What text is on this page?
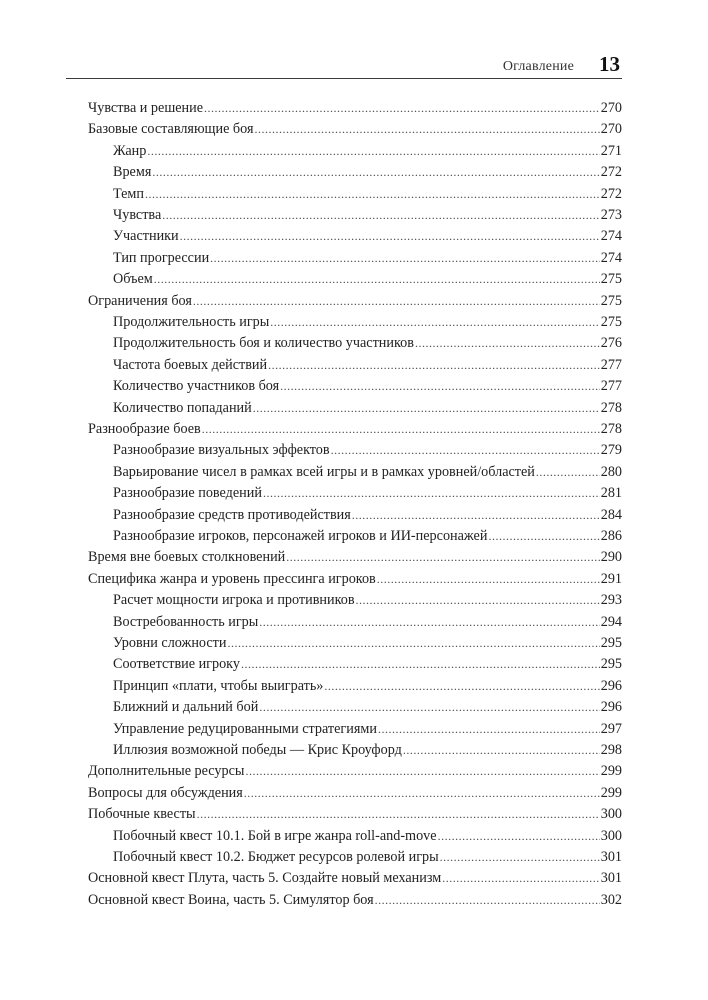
Оглавление 13
Чувства и решение .....	270
Базовые составляющие боя .....	270
Жанр .....	271
Время .....	272
Темп .....	272
Чувства .....	273
Участники .....	274
Тип прогрессии .....	274
Объем .....	275
Ограничения боя .....	275
Продолжительность игры .....	275
Продолжительность боя и количество участников .....	276
Частота боевых действий .....	277
Количество участников боя .....	277
Количество попаданий .....	278
Разнообразие боев .....	278
Разнообразие визуальных эффектов .....	279
Варьирование чисел в рамках всей игры и в рамках уровней/областей .....	280
Разнообразие поведений .....	281
Разнообразие средств противодействия .....	284
Разнообразие игроков, персонажей игроков и ИИ-персонажей .....	286
Время вне боевых столкновений .....	290
Специфика жанра и уровень прессинга игроков .....	291
Расчет мощности игрока и противников .....	293
Востребованность игры .....	294
Уровни сложности .....	295
Соответствие игроку .....	295
Принцип «плати, чтобы выиграть» .....	296
Ближний и дальний бой .....	296
Управление редуцированными стратегиями .....	297
Иллюзия возможной победы — Крис Кроуфорд .....	298
Дополнительные ресурсы .....	299
Вопросы для обсуждения .....	299
Побочные квесты .....	300
Побочный квест 10.1. Бой в игре жанра roll-and-move .....	300
Побочный квест 10.2. Бюджет ресурсов ролевой игры .....	301
Основной квест Плута, часть 5. Создайте новый механизм .....	301
Основной квест Воина, часть 5. Симулятор боя .....	302
